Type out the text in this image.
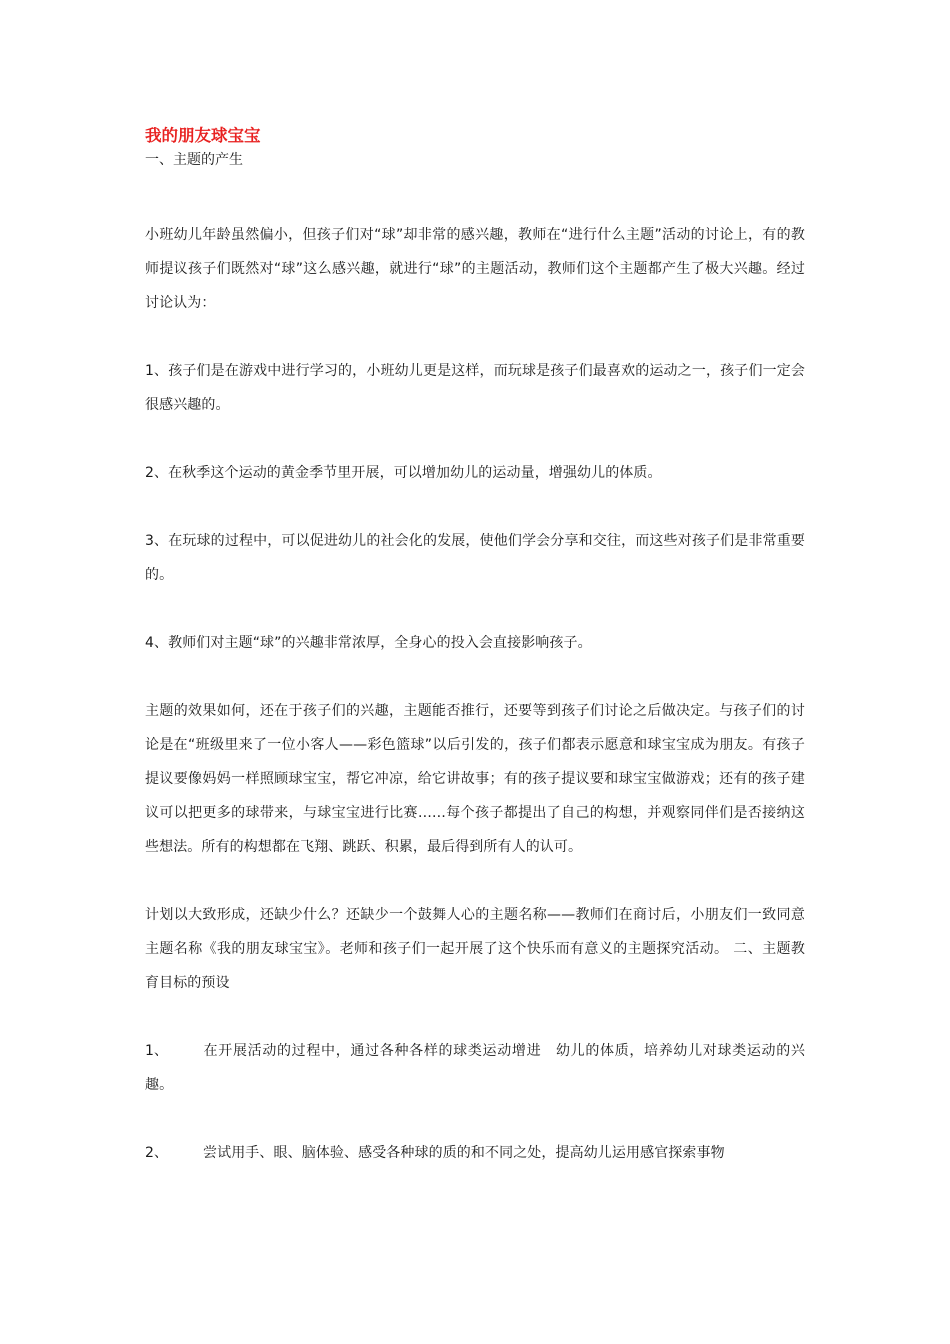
我的朋友球宝宝

一、主题的产生

小班幼儿年龄虽然偏小，但孩子们对“球”却非常的感兴趣，教师在“进行什么主题”活动的讨论上，有的教师提议孩子们既然对“球”这么感兴趣，就进行“球”的主题活动，教师们这个主题都产生了极大兴趣。经过讨论认为：

1、孩子们是在游戏中进行学习的，小班幼儿更是这样，而玩球是孩子们最喜欢的运动之一，孩子们一定会很感兴趣的。

2、在秋季这个运动的黄金季节里开展，可以增加幼儿的运动量，增强幼儿的体质。

3、在玩球的过程中，可以促进幼儿的社会化的发展，使他们学会分享和交往，而这些对孩子们是非常重要的。

4、教师们对主题“球”的兴趣非常浓厚，全身心的投入会直接影响孩子。

主题的效果如何，还在于孩子们的兴趣，主题能否推行，还要等到孩子们讨论之后做决定。与孩子们的讨论是在“班级里来了一位小客人——彩色篮球”以后引发的，孩子们都表示愿意和球宝宝成为朋友。有孩子提议要像妈妈一样照顾球宝宝，帮它冲凉，给它讲故事；有的孩子提议要和球宝宝做游戏；还有的孩子建议可以把更多的球带来，与球宝宝进行比赛……每个孩子都提出了自己的构想，并观察同伴们是否接纳这些想法。所有的构想都在飞翔、跳跃、积累，最后得到所有人的认可。

计划以大致形成，还缺少什么？还缺少一个鼓舞人心的主题名称——教师们在商讨后，小朋友们一致同意主题名称《我的朋友球宝宝》。老师和孩子们一起开展了这个快乐而有意义的主题探究活动。 二、主题教育目标的预设

1、 在开展活动的过程中，通过各种各样的球类运动增进　幼儿的体质，培养幼儿对球类运动的兴趣。

2、 尝试用手、眼、脑体验、感受各种球的质的和不同之处，提高幼儿运用感官探索事物
